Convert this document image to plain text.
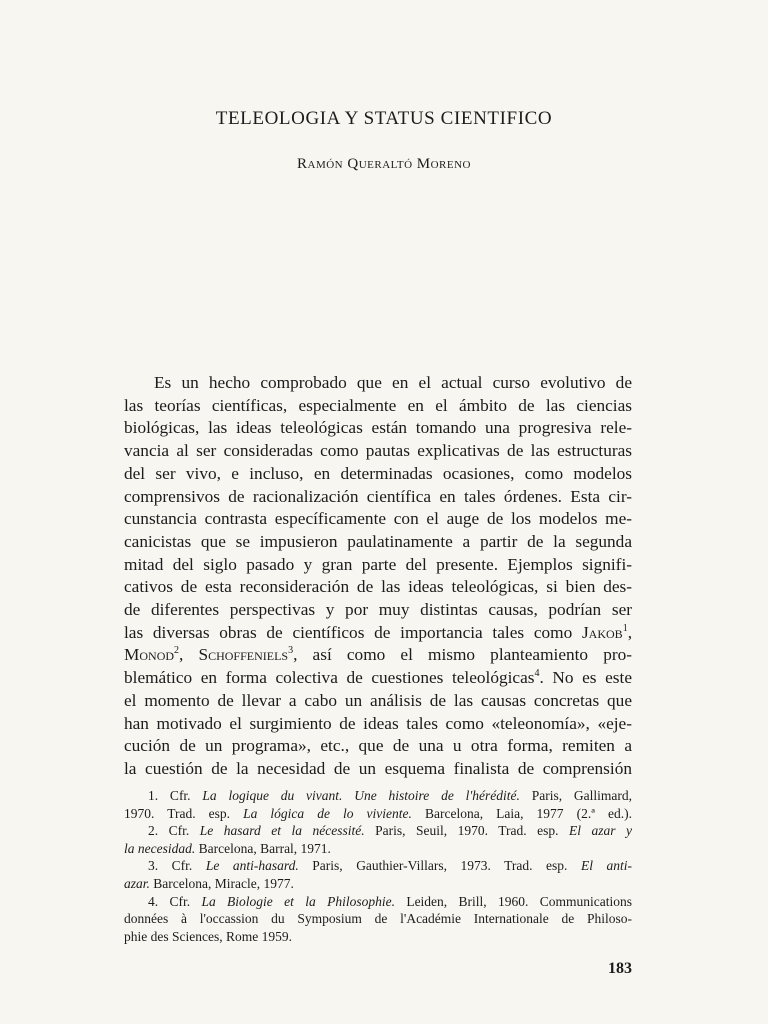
TELEOLOGIA Y STATUS CIENTIFICO

Ramón Queraltó Moreno

Es un hecho comprobado que en el actual curso evolutivo de
las teorías científicas, especialmente en el ámbito de las ciencias
biológicas, las ideas teleológicas están tomando una progresiva rele-
vancia al ser consideradas como pautas explicativas de las estructuras
del ser vivo, e incluso, en determinadas ocasiones, como modelos
comprensivos de racionalización científica en tales órdenes. Esta cir-
cunstancia contrasta específicamente con el auge de los modelos me-
canicistas que se impusieron paulatinamente a partir de la segunda
mitad del siglo pasado y gran parte del presente. Ejemplos signifi-
cativos de esta reconsideración de las ideas teleológicas, si bien des-
de diferentes perspectivas y por muy distintas causas, podrían ser
las diversas obras de científicos de importancia tales como Jakob$^1$,
Monod$^2$, Schoffeniels$^3$, así como el mismo planteamiento pro-
blemático en forma colectiva de cuestiones teleológicas$^4$. No es este
el momento de llevar a cabo un análisis de las causas concretas que
han motivado el surgimiento de ideas tales como «teleonomía», «eje-
cución de un programa», etc., que de una u otra forma, remiten a
la cuestión de la necesidad de un esquema finalista de comprensión

1. Cfr. La logique du vivant. Une histoire de l'hérédité. Paris, Gallimard,
1970. Trad. esp. La lógica de lo viviente. Barcelona, Laia, 1977 (2.ª ed.).
2. Cfr. Le hasard et la nécessité. Paris, Seuil, 1970. Trad. esp. El azar y
la necesidad. Barcelona, Barral, 1971.
3. Cfr. Le anti-hasard. Paris, Gauthier-Villars, 1973. Trad. esp. El anti-
azar. Barcelona, Miracle, 1977.
4. Cfr. La Biologie et la Philosophie. Leiden, Brill, 1960. Communications
données à l'occassion du Symposium de l'Académie Internationale de Philoso-
phie des Sciences, Rome 1959.

183
